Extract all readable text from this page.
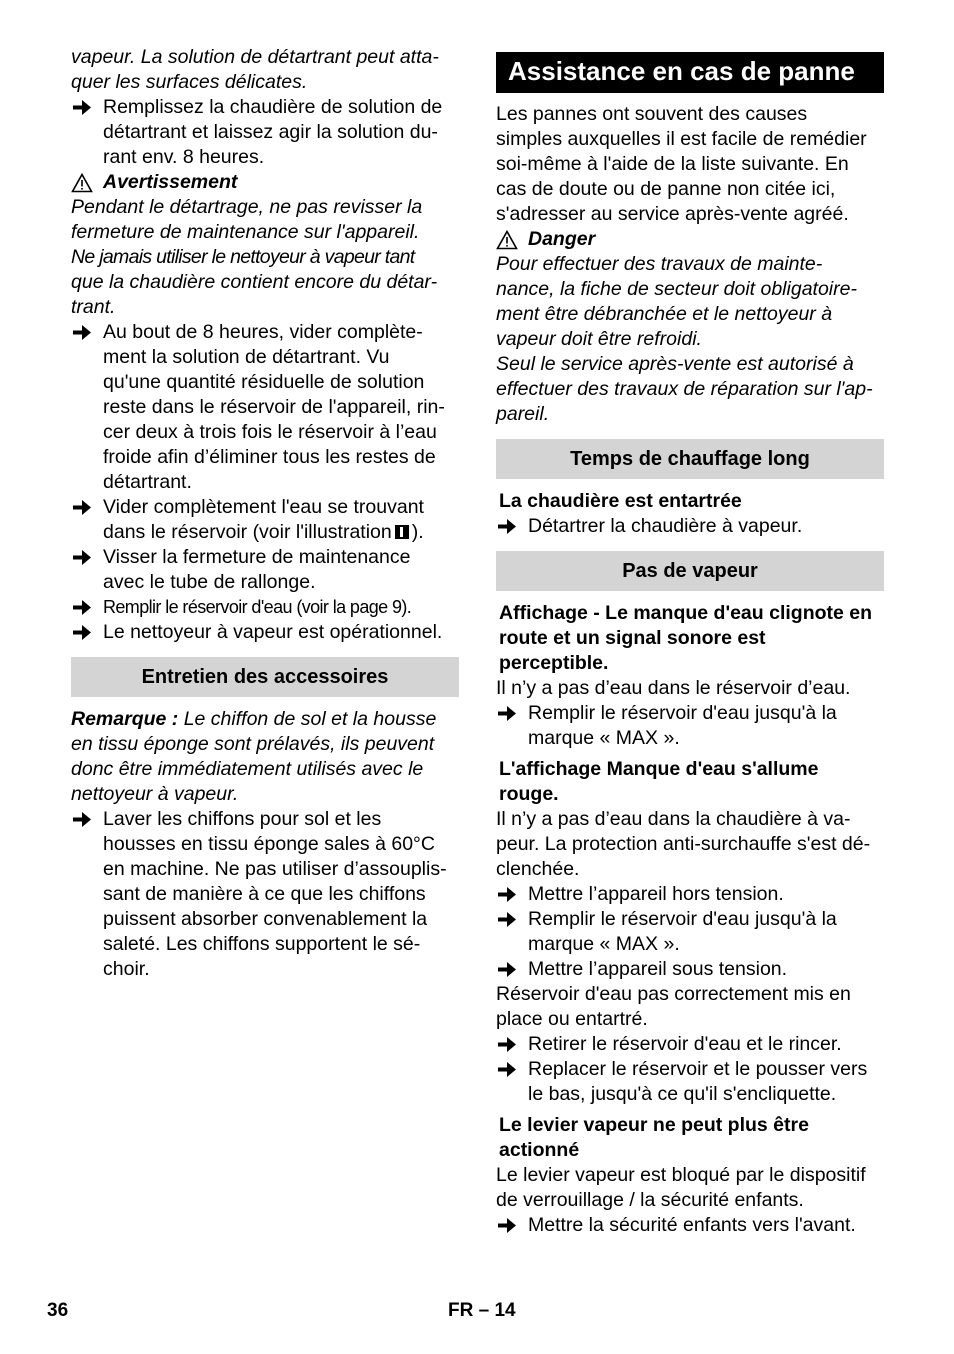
vapeur. La solution de détartrant peut atta-

quer les surfaces délicates.

Remplissez la chaudière de solution de

détartrant et laissez agir la solution du-

rant env. 8 heures.

Avertissement

Pendant le détartrage, ne pas revisser la

fermeture de maintenance sur l'appareil.

Ne jamais utiliser le nettoyeur à vapeur tant

que la chaudière contient encore du détar-

trant.

Au bout de 8 heures, vider complète-

ment la solution de détartrant. Vu

qu'une quantité résiduelle de solution

reste dans le réservoir de l'appareil, rin-

cer deux à trois fois le réservoir à l’eau

froide afin d’éliminer tous les restes de

détartrant.

Vider complètement l'eau se trouvant

dans le réservoir (voir l'illustration ).

Visser la fermeture de maintenance

avec le tube de rallonge.

Remplir le réservoir d'eau (voir la page 9).

Le nettoyeur à vapeur est opérationnel.

Entretien des accessoires

Remarque : Le chiffon de sol et la housse

en tissu éponge sont prélavés, ils peuvent

donc être immédiatement utilisés avec le

nettoyeur à vapeur.

Laver les chiffons pour sol et les

housses en tissu éponge sales à 60°C

en machine. Ne pas utiliser d’assouplis-

sant de manière à ce que les chiffons

puissent absorber convenablement la

saleté. Les chiffons supportent le sé-

choir.

Assistance en cas de panne

Les pannes ont souvent des causes

simples auxquelles il est facile de remédier

soi-même à l'aide de la liste suivante. En

cas de doute ou de panne non citée ici,

s'adresser au service après-vente agréé.

Danger

Pour effectuer des travaux de mainte-

nance, la fiche de secteur doit obligatoire-

ment être débranchée et le nettoyeur à

vapeur doit être refroidi.

Seul le service après-vente est autorisé à

effectuer des travaux de réparation sur l'ap-

pareil.

Temps de chauffage long

La chaudière est entartrée

Détartrer la chaudière à vapeur.

Pas de vapeur

Affichage - Le manque d'eau clignote en

route et un signal sonore est

perceptible.

Il n’y a pas d’eau dans le réservoir d’eau.

Remplir le réservoir d'eau jusqu'à la

marque « MAX ».

L'affichage Manque d'eau s'allume

rouge.

Il n’y a pas d’eau dans la chaudière à va-

peur. La protection anti-surchauffe s'est dé-

clenchée.

Mettre l’appareil hors tension.

Remplir le réservoir d'eau jusqu'à la

marque « MAX ».

Mettre l’appareil sous tension.

Réservoir d'eau pas correctement mis en

place ou entartré.

Retirer le réservoir d'eau et le rincer.

Replacer le réservoir et le pousser vers

le bas, jusqu'à ce qu'il s'encliquette.

Le levier vapeur ne peut plus être

actionné

Le levier vapeur est bloqué par le dispositif

de verrouillage / la sécurité enfants.

Mettre la sécurité enfants vers l'avant.

36	FR – 14
